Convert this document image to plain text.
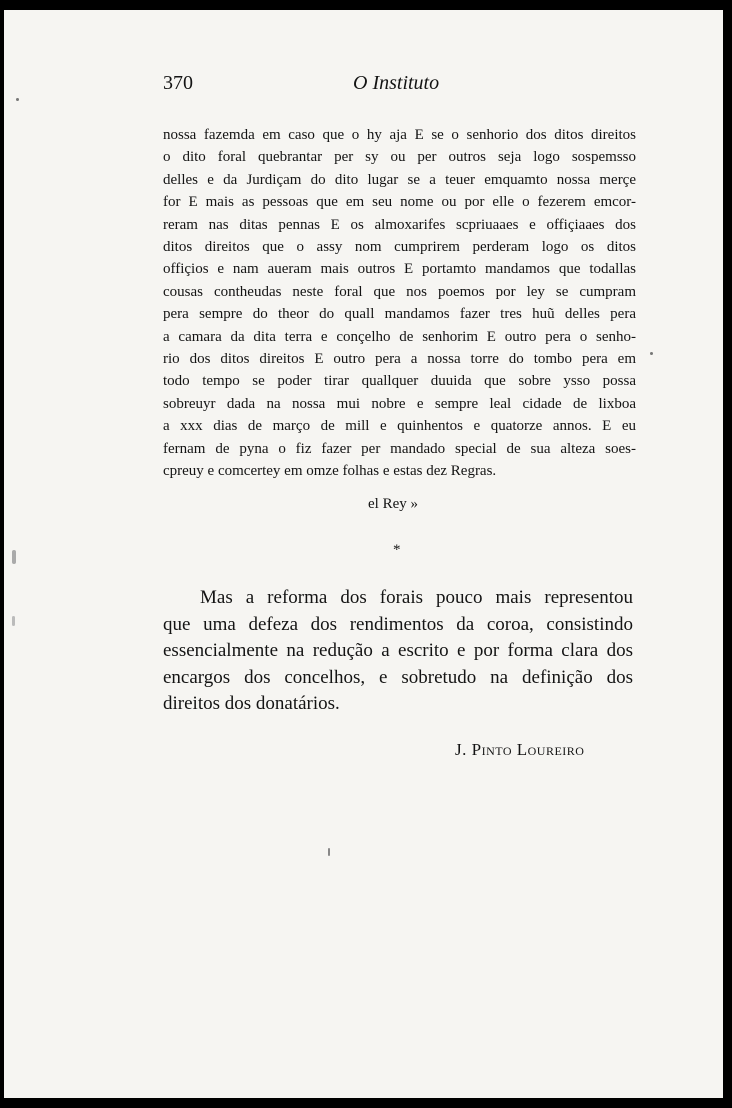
370	O Instituto
nossa fazemda em caso que o hy aja E se o senhorio dos ditos direitos
o dito foral quebrantar per sy ou per outros seja logo sospemsso
delles e da Jurdiçam do dito lugar se a teuer emquamto nossa merçe
for E mais as pessoas que em seu nome ou por elle o fezerem emcor-
reram nas ditas pennas E os almoxarifes scpriuaaes e offiçiaaes dos
ditos direitos que o assy nom cumprirem perderam logo os ditos
offiçios e nam aueram mais outros E portamto mandamos que todallas
cousas contheudas neste foral que nos poemos por ley se cumpram
pera sempre do theor do quall mandamos fazer tres huũ delles pera
a camara da dita terra e conçelho de senhorim E outro pera o senho-
rio dos ditos direitos E outro pera a nossa torre do tombo pera em
todo tempo se poder tirar quallquer duuida que sobre ysso possa
sobreuyr dada na nossa mui nobre e sempre leal cidade de lixboa
a xxx dias de março de mill e quinhentos e quatorze annos. E eu
fernam de pyna o fiz fazer per mandado special de sua alteza soes-
cpreuy e comcertey em omze folhas e estas dez Regras.
el Rey »
*
Mas a reforma dos forais pouco mais representou
que uma defeza dos rendimentos da coroa, consistindo
essencialmente na redução a escrito e por forma clara dos
encargos dos concelhos, e sobretudo na definição dos
direitos dos donatários.
J. Pinto Loureiro
